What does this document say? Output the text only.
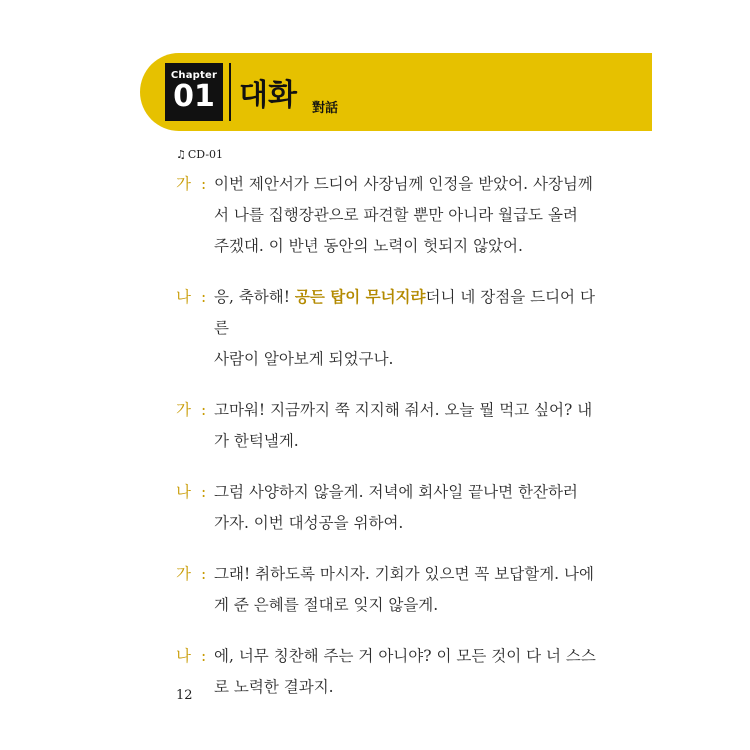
Chapter
01 대화 對話
♫ CD-01
가 : 이번 제안서가 드디어 사장님께 인정을 받았어. 사장님께
서 나를 집행장관으로 파견할 뿐만 아니라 월급도 올려
주겠대. 이 반년 동안의 노력이 헛되지 않았어.
나 : 응, 축하해! 공든 탑이 무너지랴더니 네 장점을 드디어 다른
사람이 알아보게 되었구나.
가 : 고마워! 지금까지 쭉 지지해 줘서. 오늘 뭘 먹고 싶어? 내
가 한턱낼게.
나 : 그럼 사양하지 않을게. 저녁에 회사일 끝나면 한잔하러
가자. 이번 대성공을 위하여.
가 : 그래! 취하도록 마시자. 기회가 있으면 꼭 보답할게. 나에
게 준 은혜를 절대로 잊지 않을게.
나 : 에, 너무 칭찬해 주는 거 아니야? 이 모든 것이 다 너 스스
로 노력한 결과지.
12
